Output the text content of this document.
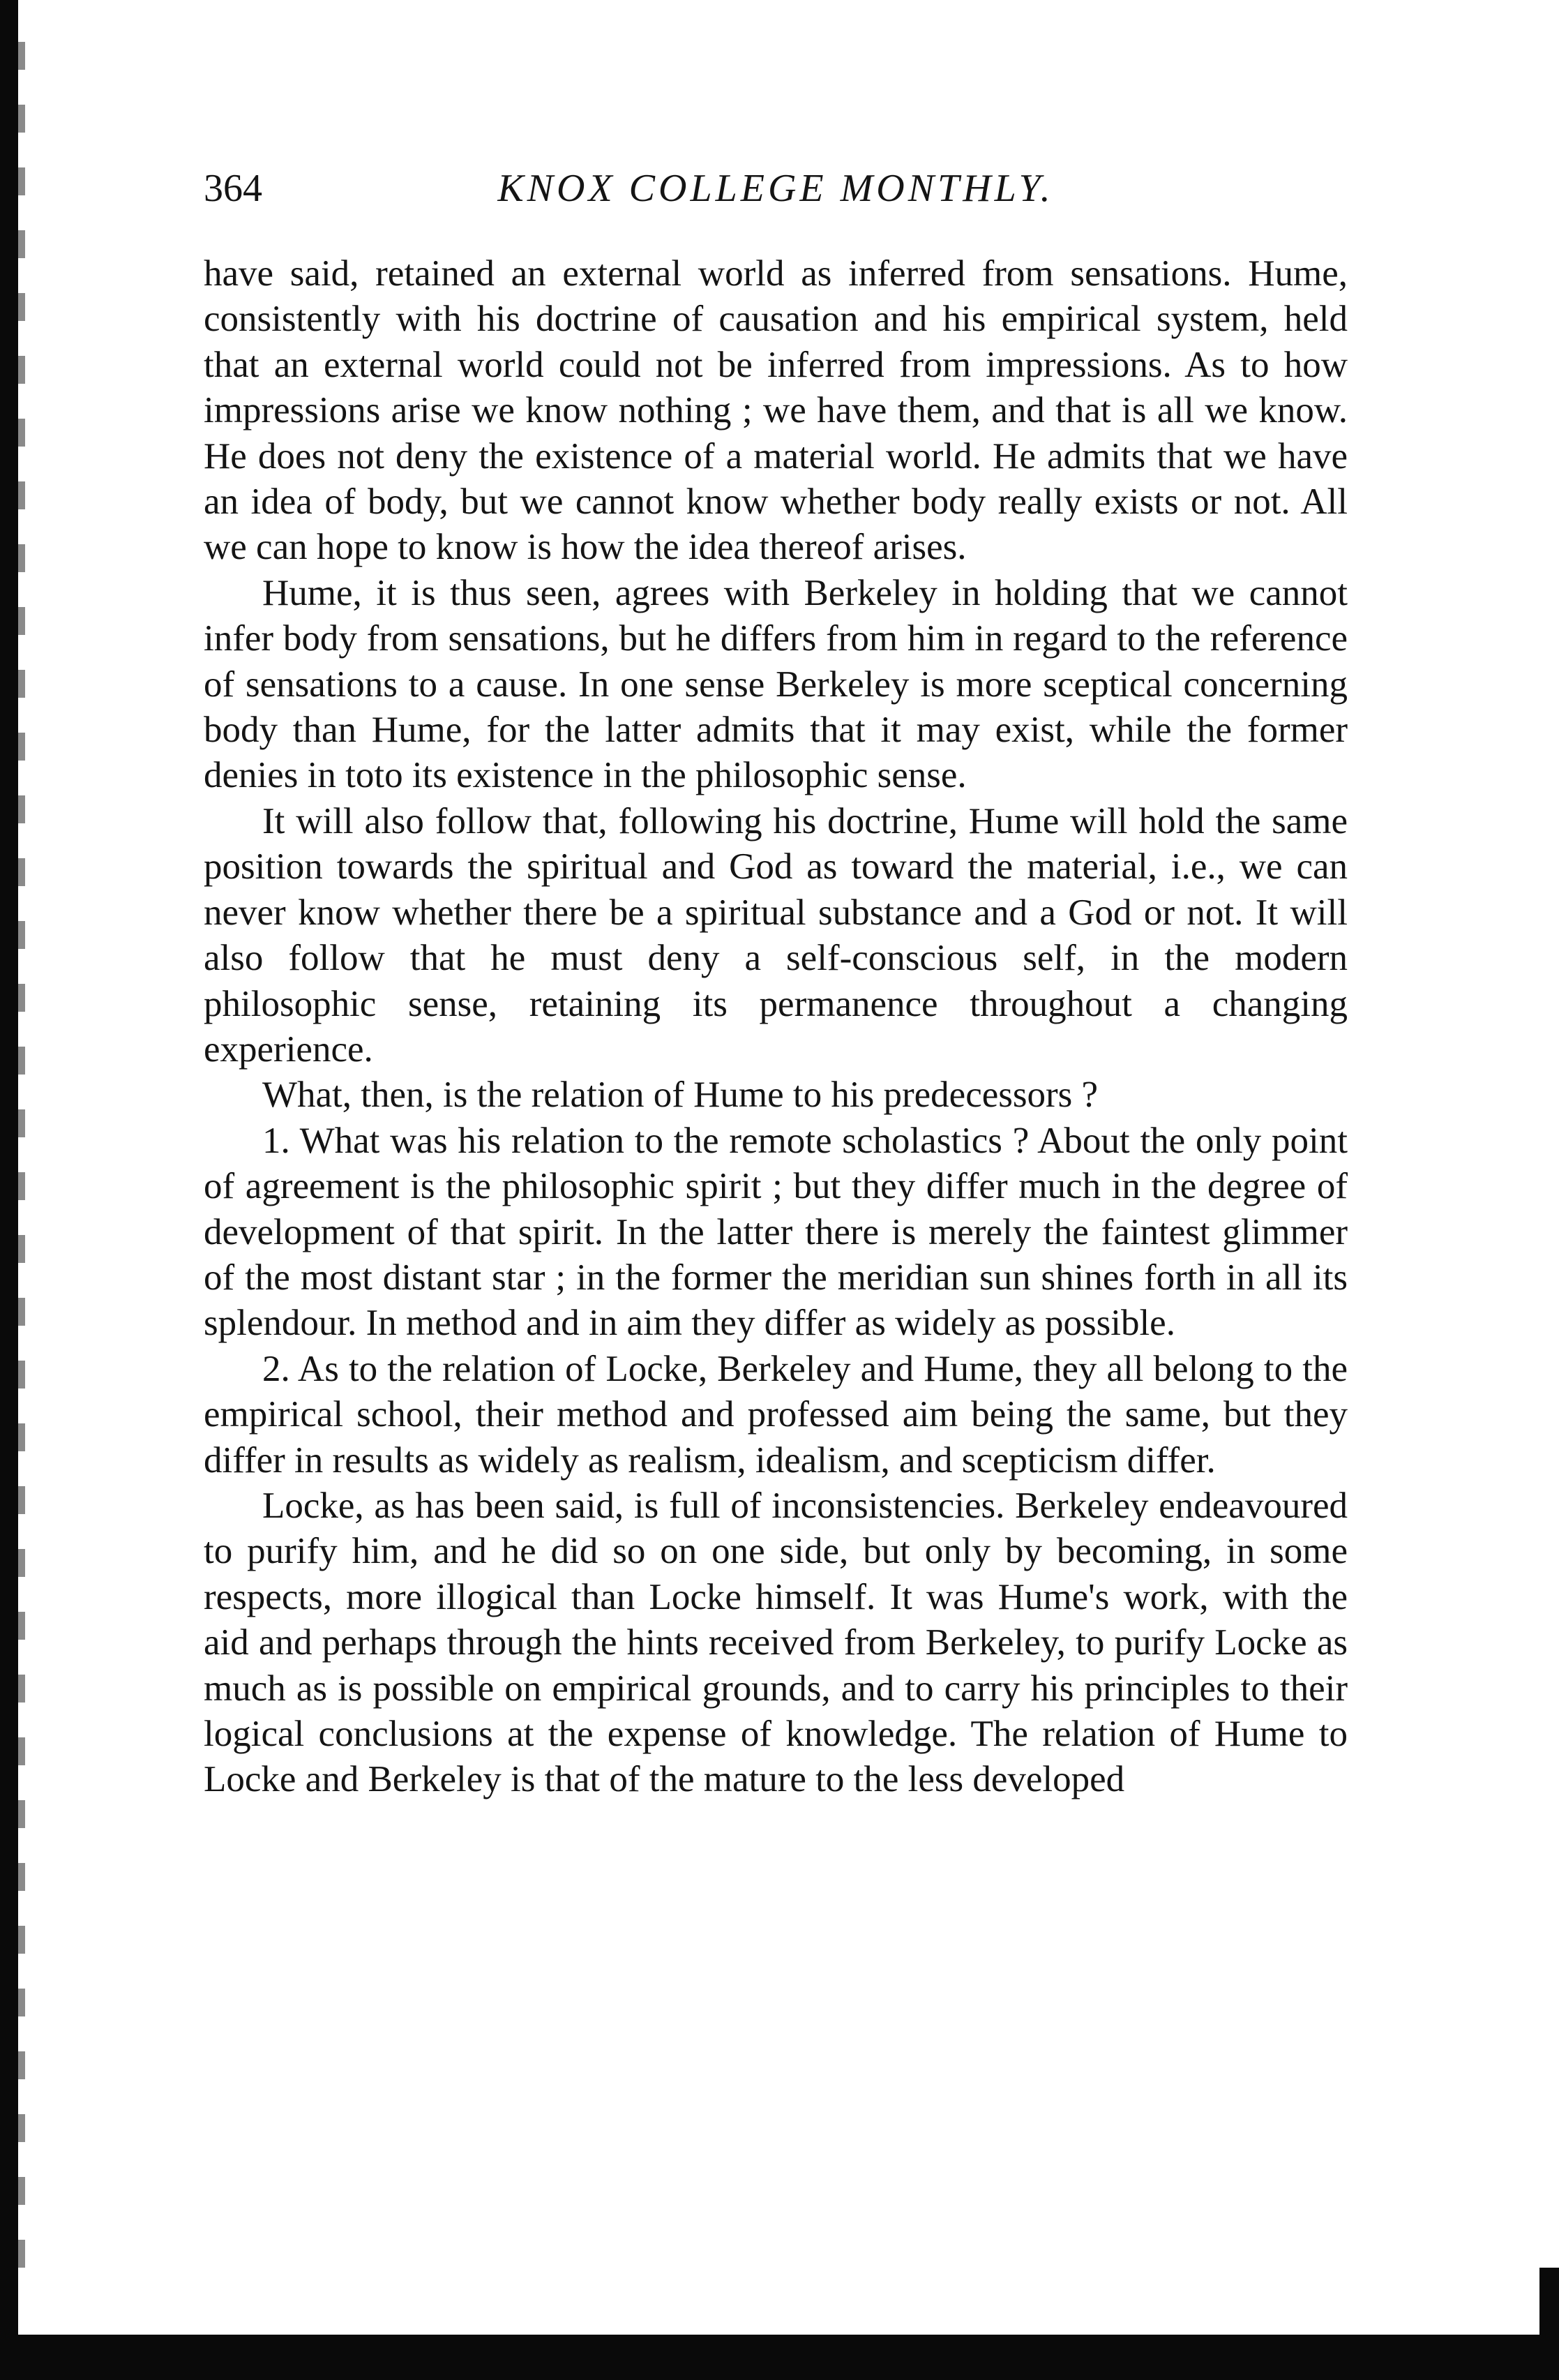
KNOX COLLEGE MONTHLY.
364

have said, retained an external world as inferred from sensations. Hume, consistently with his doctrine of causation and his empirical system, held that an external world could not be inferred from impressions. As to how impressions arise we know nothing ; we have them, and that is all we know. He does not deny the existence of a material world. He admits that we have an idea of body, but we cannot know whether body really exists or not. All we can hope to know is how the idea thereof arises.

Hume, it is thus seen, agrees with Berkeley in holding that we cannot infer body from sensations, but he differs from him in regard to the reference of sensations to a cause. In one sense Berkeley is more sceptical concerning body than Hume, for the latter admits that it may exist, while the former denies in toto its existence in the philosophic sense.

It will also follow that, following his doctrine, Hume will hold the same position towards the spiritual and God as toward the material, i.e., we can never know whether there be a spiritual substance and a God or not. It will also follow that he must deny a self-conscious self, in the modern philosophic sense, retaining its permanence throughout a changing experience.

What, then, is the relation of Hume to his predecessors ?

1. What was his relation to the remote scholastics ? About the only point of agreement is the philosophic spirit ; but they differ much in the degree of development of that spirit. In the latter there is merely the faintest glimmer of the most distant star ; in the former the meridian sun shines forth in all its splendour. In method and in aim they differ as widely as possible.

2. As to the relation of Locke, Berkeley and Hume, they all belong to the empirical school, their method and professed aim being the same, but they differ in results as widely as realism, idealism, and scepticism differ.

Locke, as has been said, is full of inconsistencies. Berkeley endeavoured to purify him, and he did so on one side, but only by becoming, in some respects, more illogical than Locke himself. It was Hume's work, with the aid and perhaps through the hints received from Berkeley, to purify Locke as much as is possible on empirical grounds, and to carry his principles to their logical conclusions at the expense of knowledge. The relation of Hume to Locke and Berkeley is that of the mature to the less developed
